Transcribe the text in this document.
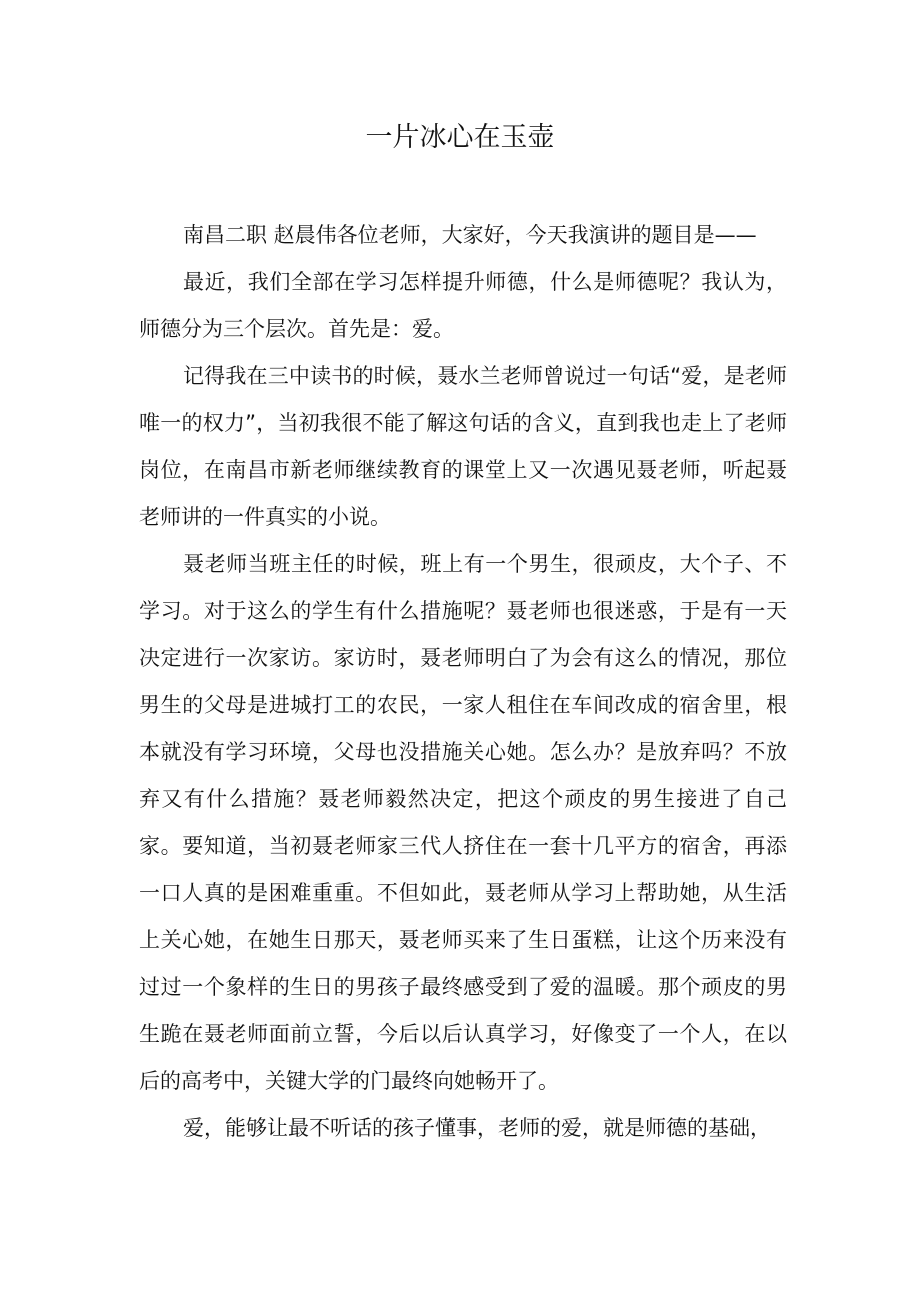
一片冰心在玉壶

南昌二职 赵晨伟各位老师，大家好，今天我演讲的题目是——

最近，我们全部在学习怎样提升师德，什么是师德呢？我认为，师德分为三个层次。首先是：爱。

记得我在三中读书的时候，聂水兰老师曾说过一句话“爱，是老师唯一的权力”，当初我很不能了解这句话的含义，直到我也走上了老师岗位，在南昌市新老师继续教育的课堂上又一次遇见聂老师，听起聂老师讲的一件真实的小说。

聂老师当班主任的时候，班上有一个男生，很顽皮，大个子、不学习。对于这么的学生有什么措施呢？聂老师也很迷惑，于是有一天决定进行一次家访。家访时，聂老师明白了为会有这么的情况，那位男生的父母是进城打工的农民，一家人租住在车间改成的宿舍里，根本就没有学习环境，父母也没措施关心她。怎么办？是放弃吗？不放弃又有什么措施？聂老师毅然决定，把这个顽皮的男生接进了自己家。要知道，当初聂老师家三代人挤住在一套十几平方的宿舍，再添一口人真的是困难重重。不但如此，聂老师从学习上帮助她，从生活上关心她，在她生日那天，聂老师买来了生日蛋糕，让这个历来没有过过一个象样的生日的男孩子最终感受到了爱的温暖。那个顽皮的男生跪在聂老师面前立誓，今后以后认真学习，好像变了一个人，在以后的高考中，关键大学的门最终向她畅开了。

爱，能够让最不听话的孩子懂事，老师的爱，就是师德的基础，
